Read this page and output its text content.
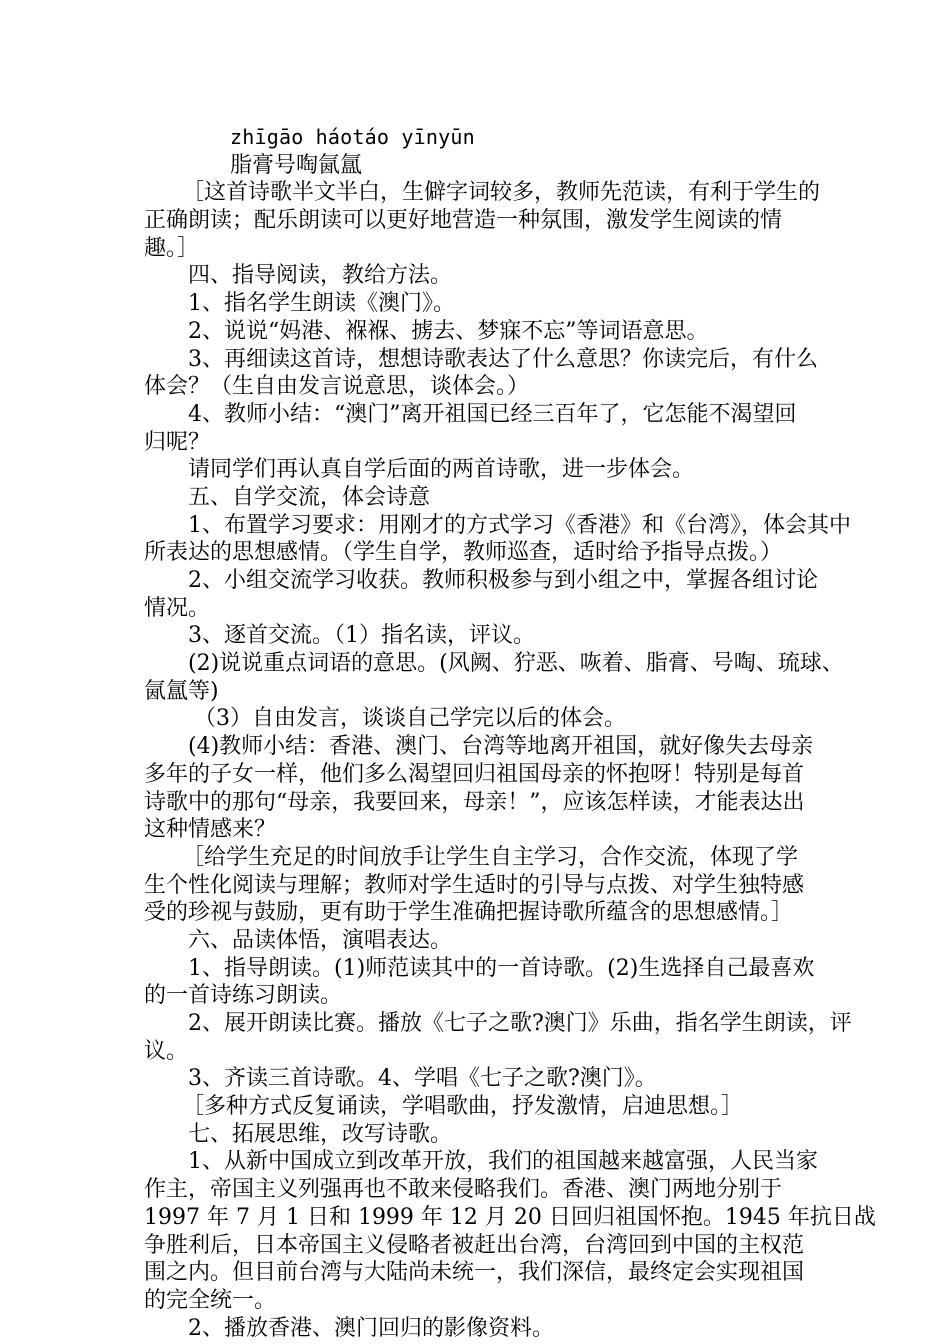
zhīgāo háotáo yīnyūn
脂膏号啕氤氲
［这首诗歌半文半白，生僻字词较多，教师先范读，有利于学生的
正确朗读；配乐朗读可以更好地营造一种氛围，激发学生阅读的情
趣。］
四、指导阅读，教给方法。
1、指名学生朗读《澳门》。
2、说说“妈港、褓褓、掳去、梦寐不忘”等词语意思。
3、再细读这首诗，想想诗歌表达了什么意思？你读完后，有什么
体会？（生自由发言说意思，谈体会。）
4、教师小结：“澳门”离开祖国已经三百年了，它怎能不渴望回
归呢？
请同学们再认真自学后面的两首诗歌，进一步体会。
五、自学交流，体会诗意
1、布置学习要求：用刚才的方式学习《香港》和《台湾》，体会其中
所表达的思想感情。（学生自学，教师巡查，适时给予指导点拨。）
2、小组交流学习收获。教师积极参与到小组之中，掌握各组讨论
情况。
3、逐首交流。（1）指名读，评议。
(2)说说重点词语的意思。(风阙、狞恶、咴着、脂膏、号啕、琉球、
氤氲等)
（3）自由发言，谈谈自己学完以后的体会。
(4)教师小结：香港、澳门、台湾等地离开祖国，就好像失去母亲
多年的子女一样，他们多么渴望回归祖国母亲的怀抱呀！特别是每首
诗歌中的那句“母亲，我要回来，母亲！”，应该怎样读，才能表达出
这种情感来？
［给学生充足的时间放手让学生自主学习，合作交流，体现了学
生个性化阅读与理解；教师对学生适时的引导与点拨、对学生独特感
受的珍视与鼓励，更有助于学生准确把握诗歌所蕴含的思想感情。］
六、品读体悟，演唱表达。
1、指导朗读。(1)师范读其中的一首诗歌。(2)生选择自己最喜欢
的一首诗练习朗读。
2、展开朗读比赛。播放《七子之歌?澳门》乐曲，指名学生朗读，评
议。
3、齐读三首诗歌。4、学唱《七子之歌?澳门》。
［多种方式反复诵读，学唱歌曲，抒发激情，启迪思想。］
七、拓展思维，改写诗歌。
1、从新中国成立到改革开放，我们的祖国越来越富强，人民当家
作主，帝国主义列强再也不敢来侵略我们。香港、澳门两地分别于
1997 年 7 月 1 日和 1999 年 12 月 20 日回归祖国怀抱。1945 年抗日战
争胜利后，日本帝国主义侵略者被赶出台湾，台湾回到中国的主权范
围之内。但目前台湾与大陆尚未统一，我们深信，最终定会实现祖国
的完全统一。
2、播放香港、澳门回归的影像资料。
